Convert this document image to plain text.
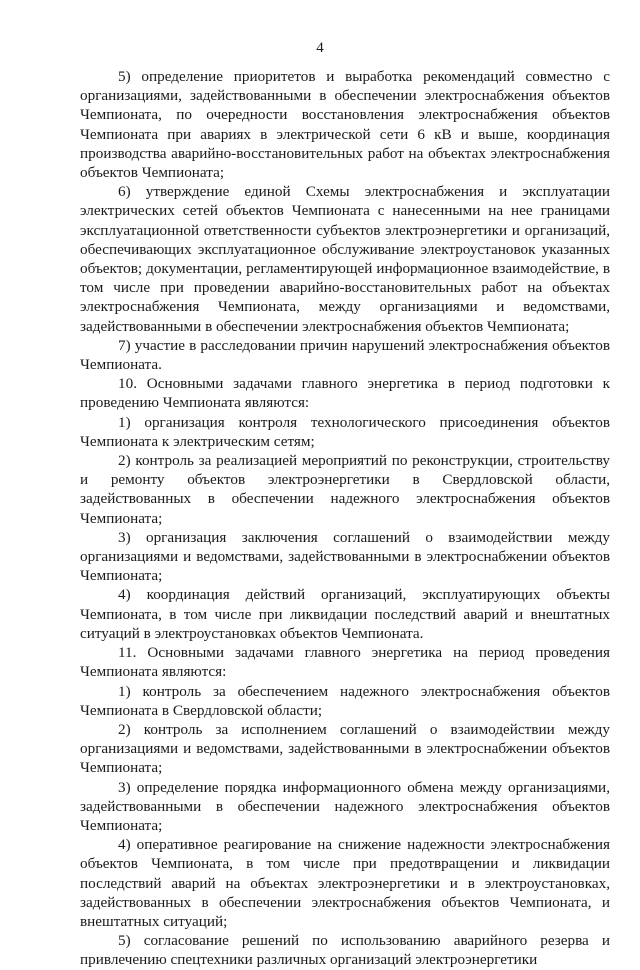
4

5) определение приоритетов и выработка рекомендаций совместно с организациями, задействованными в обеспечении электроснабжения объектов Чемпионата, по очередности восстановления электроснабжения объектов Чемпионата при авариях в электрической сети 6 кВ и выше, координация производства аварийно-восстановительных работ на объектах электроснабжения объектов Чемпионата;

6) утверждение единой Схемы электроснабжения и эксплуатации электрических сетей объектов Чемпионата с нанесенными на нее границами эксплуатационной ответственности субъектов электроэнергетики и организаций, обеспечивающих эксплуатационное обслуживание электроустановок указанных объектов; документации, регламентирующей информационное взаимодействие, в том числе при проведении аварийно-восстановительных работ на объектах электроснабжения Чемпионата, между организациями и ведомствами, задействованными в обеспечении электроснабжения объектов Чемпионата;

7) участие в расследовании причин нарушений электроснабжения объектов Чемпионата.

10. Основными задачами главного энергетика в период подготовки к проведению Чемпионата являются:

1) организация контроля технологического присоединения объектов Чемпионата к электрическим сетям;

2) контроль за реализацией мероприятий по реконструкции, строительству и ремонту объектов электроэнергетики в Свердловской области, задействованных в обеспечении надежного электроснабжения объектов Чемпионата;

3) организация заключения соглашений о взаимодействии между организациями и ведомствами, задействованными в электроснабжении объектов Чемпионата;

4) координация действий организаций, эксплуатирующих объекты Чемпионата, в том числе при ликвидации последствий аварий и внештатных ситуаций в электроустановках объектов Чемпионата.

11. Основными задачами главного энергетика на период проведения Чемпионата являются:

1) контроль за обеспечением надежного электроснабжения объектов Чемпионата в Свердловской области;

2) контроль за исполнением соглашений о взаимодействии между организациями и ведомствами, задействованными в электроснабжении объектов Чемпионата;

3) определение порядка информационного обмена между организациями, задействованными в обеспечении надежного электроснабжения объектов Чемпионата;

4) оперативное реагирование на снижение надежности электроснабжения объектов Чемпионата, в том числе при предотвращении и ликвидации последствий аварий на объектах электроэнергетики и в электроустановках, задействованных в обеспечении электроснабжения объектов Чемпионата, и внештатных ситуаций;

5) согласование решений по использованию аварийного резерва и привлечению спецтехники различных организаций электроэнергетики
